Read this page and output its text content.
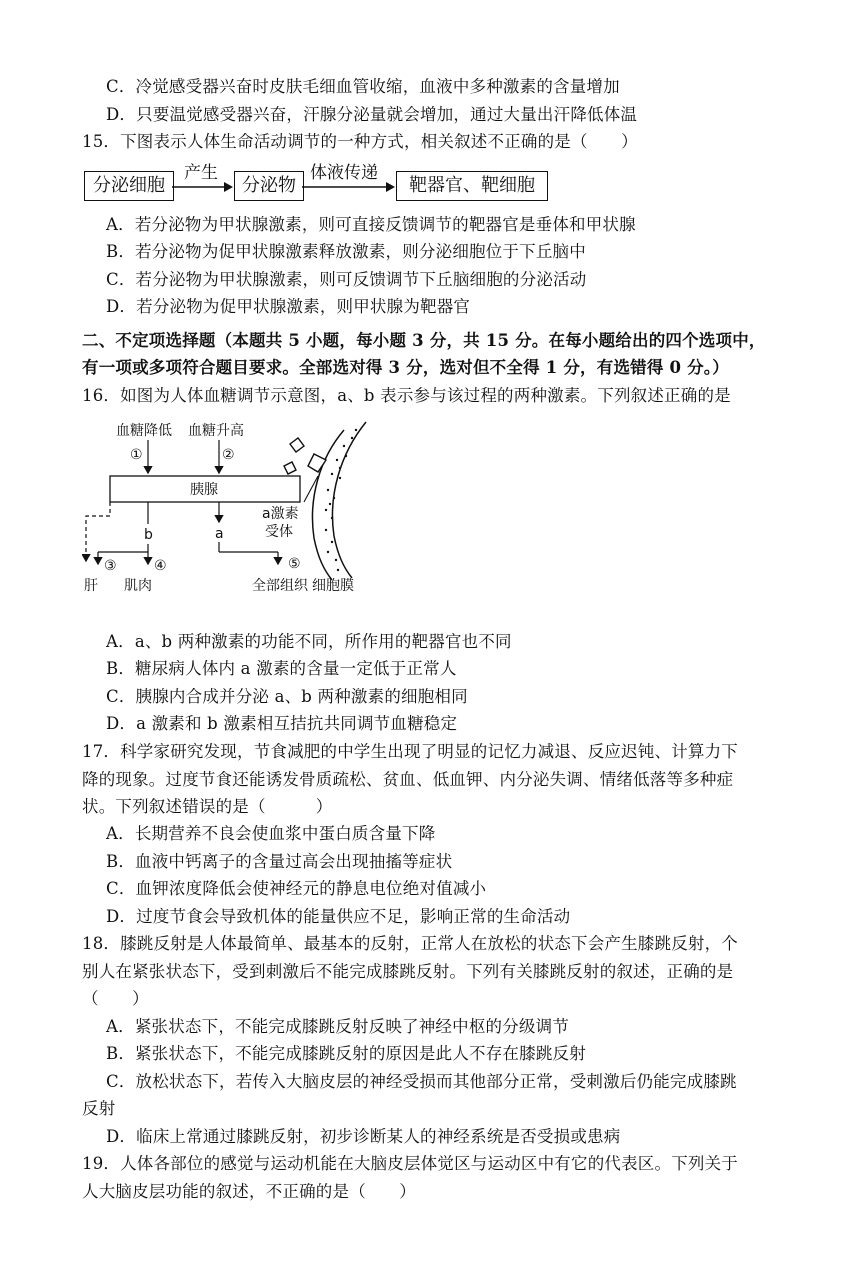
C．冷觉感受器兴奋时皮肤毛细血管收缩，血液中多种激素的含量增加
D．只要温觉感受器兴奋，汗腺分泌量就会增加，通过大量出汗降低体温
15．下图表示人体生命活动调节的一种方式，相关叙述不正确的是（　　）
分泌细胞
产生
分泌物
体液传递
靶器官、靶细胞
A．若分泌物为甲状腺激素，则可直接反馈调节的靶器官是垂体和甲状腺
B．若分泌物为促甲状腺激素释放激素，则分泌细胞位于下丘脑中
C．若分泌物为甲状腺激素，则可反馈调节下丘脑细胞的分泌活动
D．若分泌物为促甲状腺激素，则甲状腺为靶器官
二、不定项选择题（本题共 5 小题，每小题 3 分，共 15 分。在每小题给出的四个选项中，
有一项或多项符合题目要求。全部选对得 3 分，选对但不全得 1 分，有选错得 0 分。）
16．如图为人体血糖调节示意图，a、b 表示参与该过程的两种激素。下列叙述正确的是
血糖降低 血糖升高
①	②
胰腺
b	a
③	④	⑤
肝 肌肉	全部组织 细胞膜
a激素
受体
A．a、b 两种激素的功能不同，所作用的靶器官也不同
B．糖尿病人体内 a 激素的含量一定低于正常人
C．胰腺内合成并分泌 a、b 两种激素的细胞相同
D．a 激素和 b 激素相互拮抗共同调节血糖稳定
17．科学家研究发现，节食减肥的中学生出现了明显的记忆力减退、反应迟钝、计算力下
降的现象。过度节食还能诱发骨质疏松、贫血、低血钾、内分泌失调、情绪低落等多种症
状。下列叙述错误的是（　　　）
A．长期营养不良会使血浆中蛋白质含量下降
B．血液中钙离子的含量过高会出现抽搐等症状
C．血钾浓度降低会使神经元的静息电位绝对值减小
D．过度节食会导致机体的能量供应不足，影响正常的生命活动
18．膝跳反射是人体最简单、最基本的反射，正常人在放松的状态下会产生膝跳反射，个
别人在紧张状态下，受到刺激后不能完成膝跳反射。下列有关膝跳反射的叙述，正确的是
（　　）
A．紧张状态下，不能完成膝跳反射反映了神经中枢的分级调节
B．紧张状态下，不能完成膝跳反射的原因是此人不存在膝跳反射
C．放松状态下，若传入大脑皮层的神经受损而其他部分正常，受刺激后仍能完成膝跳
反射
D．临床上常通过膝跳反射，初步诊断某人的神经系统是否受损或患病
19．人体各部位的感觉与运动机能在大脑皮层体觉区与运动区中有它的代表区。下列关于
人大脑皮层功能的叙述，不正确的是（　　）
